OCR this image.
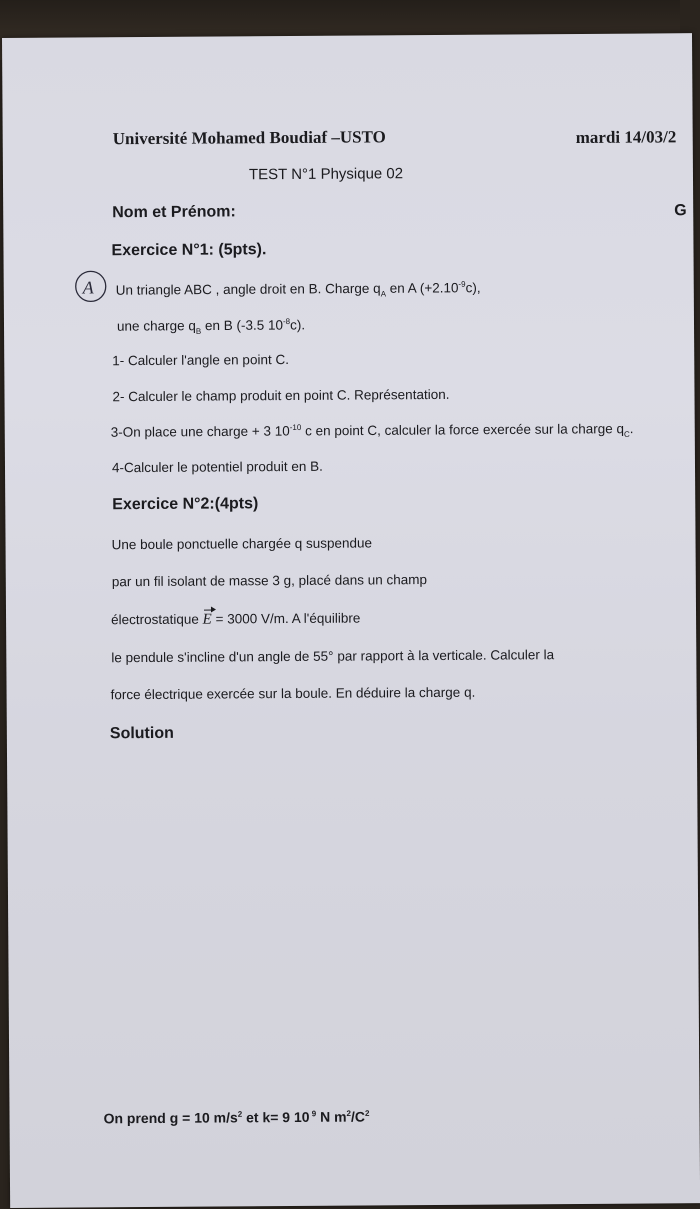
Université Mohamed Boudiaf –USTO	mardi 14/03/2
TEST N°1 Physique 02
Nom et Prénom:	G
A
Exercice N°1: (5pts).
Un triangle ABC , angle droit en B. Charge $q_A$ en A $(+2.10^{-9}c)$,
une charge $q_B$ en B (-3.5 $10^{-8}c$).
1- Calculer l'angle en point C.
2- Calculer le champ produit en point C. Représentation.
3-On place une charge + 3 $10^{-10}$ c en point C, calculer la force exercée sur la charge $q_C$.
4-Calculer le potentiel produit en B.
Exercice N°2:(4pts)
Une boule ponctuelle chargée q suspendue
par un fil isolant de masse 3 g, placé dans un champ
électrostatique E = 3000 V/m. A l'équilibre
le pendule s'incline d'un angle de 55° par rapport à la verticale. Calculer la
force électrique exercée sur la boule. En déduire la charge q.
Solution
On prend g = 10 $m/s^2$ et k= 9 10 $^9$ N $m^2/C^2$
